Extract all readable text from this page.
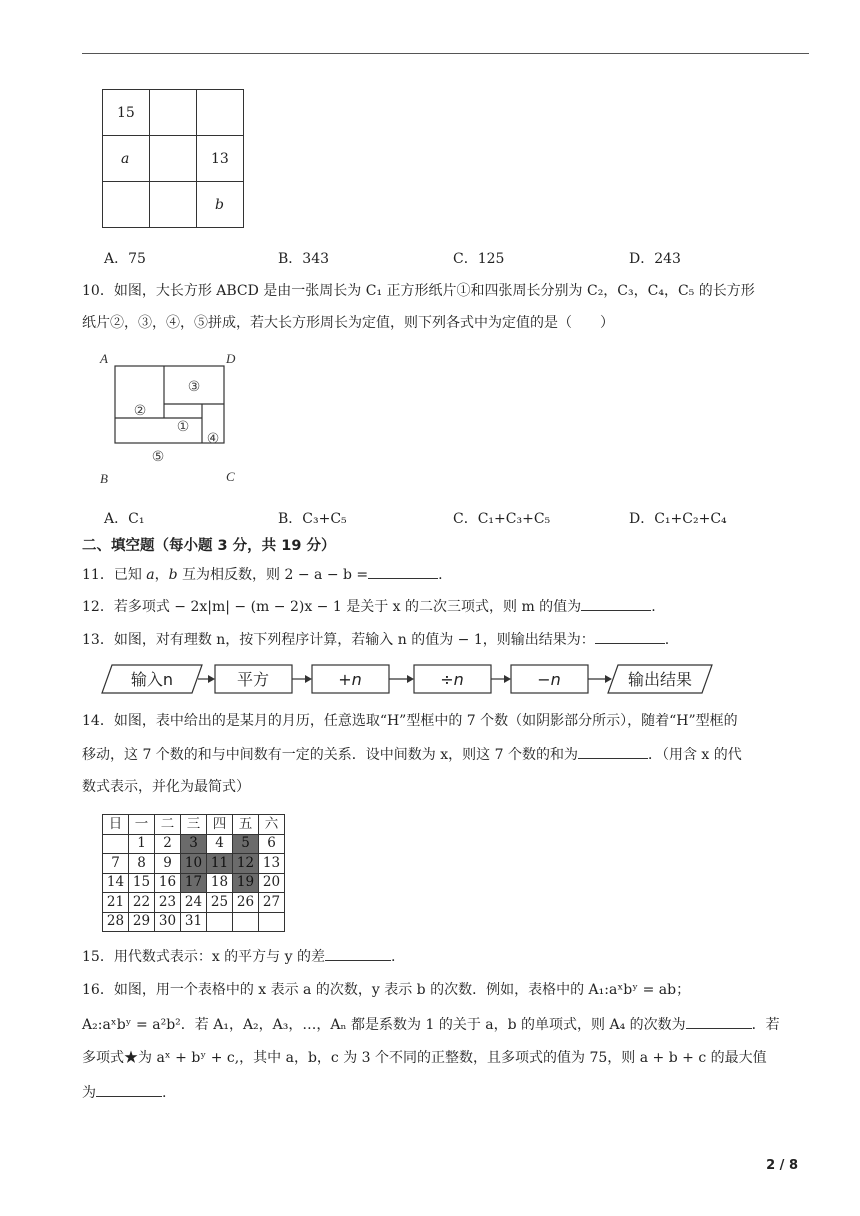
15		
a		13
		b
A．75	B．343	C．125	D．243
10．如图，大长方形 ABCD 是由一张周长为 C₁ 正方形纸片①和四张周长分别为 C₂，C₃，C₄，C₅ 的长方形
纸片②，③，④，⑤拼成，若大长方形周长为定值，则下列各式中为定值的是（　　）
A	D
B	C
②
③
①
④
⑤
A．C₁	B．C₃+C₅	C．C₁+C₃+C₅	D．C₁+C₂+C₄
二、填空题（每小题 3 分，共 19 分）
11．已知 a，b 互为相反数，则 2 − a − b =	.
12．若多项式 − 2x|m| − (m − 2)x − 1 是关于 x 的二次三项式，则 m 的值为	.
13．如图，对有理数 n，按下列程序计算，若输入 n 的值为 − 1，则输出结果为：	.
输入n	平方	+n	÷n	−n	输出结果
14．如图，表中给出的是某月的月历，任意选取“H”型框中的 7 个数（如阴影部分所示），随着“H”型框的
移动，这 7 个数的和与中间数有一定的关系．设中间数为 x，则这 7 个数的和为	．（用含 x 的代
数式表示，并化为最简式）
日	一	二	三	四	五	六
	1	2	3	4	5	6
7	8	9	10	11	12	13
14	15	16	17	18	19	20
21	22	23	24	25	26	27
28	29	30	31			
15．用代数式表示：x 的平方与 y 的差	.
16．如图，用一个表格中的 x 表示 a 的次数，y 表示 b 的次数．例如，表格中的 A₁:aˣbʸ = ab；
A₂:aˣbʸ = a²b²．若 A₁，A₂，A₃，…，Aₙ 都是系数为 1 的关于 a，b 的单项式，则 A₄ 的次数为	．若
多项式★为 aˣ + bʸ + c,，其中 a，b，c 为 3 个不同的正整数，且多项式的值为 75，则 a + b + c 的最大值
为	.
2 / 8
